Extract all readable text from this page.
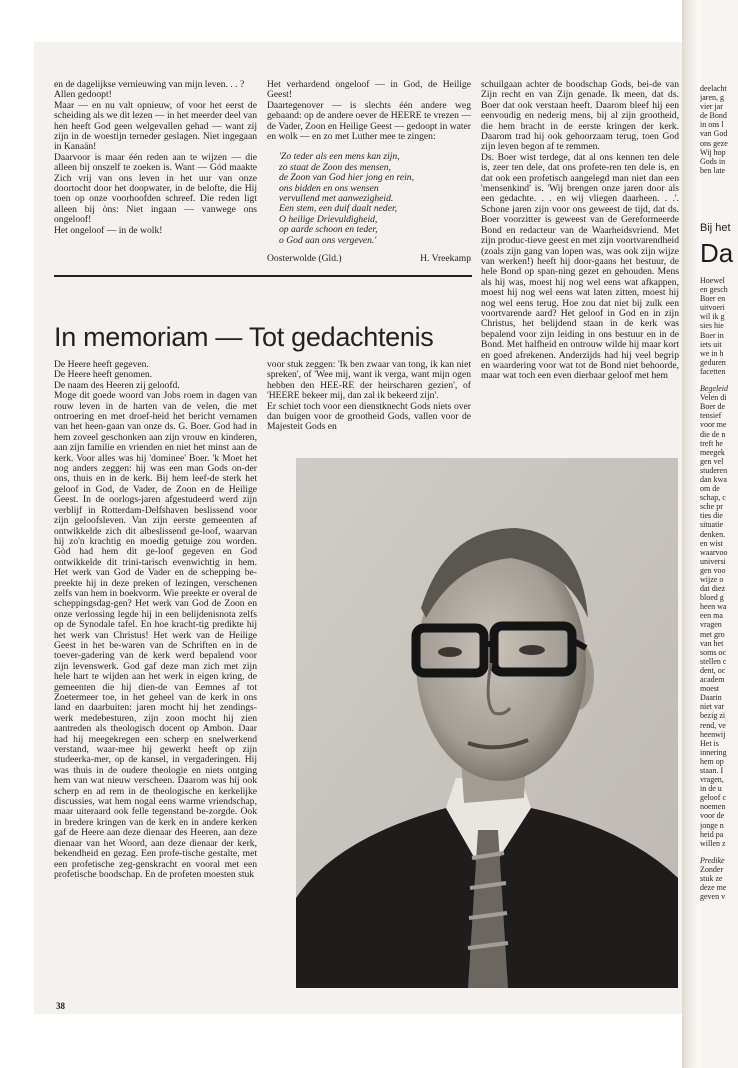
en de dagelijkse vernieuwing van mijn leven. . . ?

Allen gedoopt!

Maar — en nu valt opnieuw, of voor het eerst de scheiding als we dit lezen — in het meerder deel van hen heeft God geen welgevallen gehad — want zij zijn in de woestijn terneder geslagen. Niet ingegaan in Kanaän!

Daarvoor is maar één reden aan te wijzen — die alleen bij onszelf te zoeken is. Want — Gód maakte Zich vrij van ons leven in het uur van onze doortocht door het doopwater, in de belofte, die Hij toen op onze voorhoofden schreef. Die reden ligt alleen bij òns: Niet ingaan — vanwege ons ongeloof!

Het ongeloof — in de wolk!

Het verhardend ongeloof — in God, de Heilige Geest!

Daartegenover — is slechts één andere weg gebaand: op de andere oever de HEERE te vrezen — de Vader, Zoon en Heilige Geest — gedoopt in water en wolk — en zo met Luther mee te zingen:

'Zo teder als een mens kan zijn,

zo staat de Zoon des mensen,

de Zoon van God hier jong en rein,

ons bidden en ons wensen

vervullend met aanwezigheid.

Een stem, een duif daalt neder,

O heilige Drievuldigheid,

op aarde schoon en teder,

o God aan ons vergeven.'

Oosterwolde (Gld.)	H. Vreekamp

schuilgaan achter de boodschap Gods, bei-de van Zijn recht en van Zijn genade. Ik meen, dat ds. Boer dat ook verstaan heeft. Daarom bleef hij een eenvoudig en nederig mens, bij al zijn grootheid, die hem bracht in de eerste kringen der kerk. Daarom trad hij ook gehoorzaam terug, toen God zijn leven begon af te remmen.

Ds. Boer wist terdege, dat al ons kennen ten dele is, zeer ten dele, dat ons profete-ren ten dele is, en dat ook een profetisch aangelegd man niet dan een 'mensenkind' is. 'Wij brengen onze jaren door als een gedachte. . . en wij vliegen daarheen. . .'. Schone jaren zijn voor ons geweest de tijd, dat ds. Boer voorzitter is geweest van de Gereformeerde Bond en redacteur van de Waarheidsvriend. Met zijn produc-tieve geest en met zijn voortvarendheid (zoals zijn gang van lopen was, was ook zijn wijze van werken!) heeft hij door-gaans het bestuur, de hele Bond op span-ning gezet en gehouden. Mens als hij was, moest hij nog wel eens wat afkappen, moest hij nog wel eens wat laten zitten, moest hij nog wel eens terug. Hoe zou dat niet bij zulk een voortvarende aard? Het geloof in God en in zijn Christus, het belijdend staan in de kerk was bepalend voor zijn leiding in ons bestuur en in de Bond. Met halfheid en ontrouw wilde hij maar kort en goed afrekenen. Anderzijds had hij veel begrip en waardering voor wat tot de Bond niet behoorde, maar wat toch een even dierbaar geloof met hem

In memoriam — Tot gedachtenis

De Heere heeft gegeven.

De Heere heeft genomen.

De naam des Heeren zij geloofd.

Moge dit goede woord van Jobs roem in dagen van rouw leven in de harten van de velen, die met ontroering en met droef-heid het bericht vernamen van het heen-gaan van onze ds. G. Boer. God had in hem zoveel geschonken aan zijn vrouw en kinderen, aan zijn familie en vrienden en niet het minst aan de kerk. Voor alles was hij 'dominee' Boer. 'k Moet het nog anders zeggen: hij was een man Gods on-der ons, thuis en in de kerk. Bij hem leef-de sterk het geloof in God, de Vader, de Zoon en de Heilige Geest. In de oorlogs-jaren afgestudeerd werd zijn verblijf in Rotterdam-Delfshaven beslissend voor zijn geloofsleven. Van zijn eerste gemeenten af ontwikkelde zich dit albeslissend ge-loof, waarvan hij zo'n krachtig en moedig getuige zou worden. Gòd had hem dit ge-loof gegeven en God ontwikkelde dit trini-tarisch evenwichtig in hem. Het werk van God de Vader en de schepping be-preekte hij in deze preken of lezingen, verschenen zelfs van hem in boekvorm. Wie preekte er overal de scheppingsdag-gen? Het werk van God de Zoon en onze verlossing legde hij in een belijdenisnota zelfs op de Synodale tafel. En hoe kracht-tig predikte hij het werk van Christus! Het werk van de Heilige Geest in het be-waren van de Schriften en in de toever-gadering van de kerk werd bepalend voor zijn levenswerk. God gaf deze man zich met zijn hele hart te wijden aan het werk in eigen kring, de gemeenten die hij dien-de van Eemnes af tot Zoetermeer toe, in het geheel van de kerk in ons land en daarbuiten: jaren mocht hij het zendings-werk medebesturen, zijn zoon mocht hij zien aantreden als theologisch docent op Ambon. Daar had hij meegekregen een scherp en snelwerkend verstand, waar-mee hij gewerkt heeft op zijn studeerka-mer, op de kansel, in vergaderingen. Hij was thuis in de oudere theologie en niets ontging hem van wat nieuw verscheen. Daarom was hij ook scherp en ad rem in de theologische en kerkelijke discussies, wat hem nogal eens warme vriendschap, maar uiteraard ook felle tegenstand be-zorgde. Ook in bredere kringen van de kerk en in andere kerken gaf de Heere aan deze dienaar des Heeren, aan deze dienaar van het Woord, aan deze dienaar der kerk, bekendheid en gezag. Een profe-tische gestalte, met een profetische zeg-genskracht en vooral met een profetische boodschap. En de profeten moesten stuk

voor stuk zeggen: 'Ik ben zwaar van tong, ik kan niet spreken', of 'Wee mij, want ik verga, want mijn ogen hebben den HEE-RE der heirscharen gezien', of 'HEERE bekeer mij, dan zal ik bekeerd zijn'.

Er schiet toch voor een dienstknecht Gods niets over dan buigen voor de grootheid Gods, vallen voor de Majesteit Gods en

38
deelacht
jaren, g
vier jar
de Bond
in ons l
van God
ons geze
Wij hop
Gods in
ben late
Bij het
Da
Hoewel
en gesch
Boer en
uitvoeri
wil ik g
sies hie
Boer in
iets uit
we in h
geduren
facetten
Begeleid
Velen di
Boer de
tensief
voor me
die de n
treft he
meegek
gen vel
studeren
dan kwa
om de
schap, c
sche pr
ties die
situatie
denken.
en wist
waarvoo
universi
gen voo
wijze o
dat diez
bloed g
heen wa
een ma
vragen
met gro
van het
soms oc
stellen c
dent, oc
academ
moest
Daarin
niet var
bezig zi
rend, ve
heenwij
Het is
innering
hem op
staan. I
vragen,
in de u
geloof c
noemen
voor de
jonge n
heid pa
willen z
Predike
Zonder
stuk ze
deze me
geven v
